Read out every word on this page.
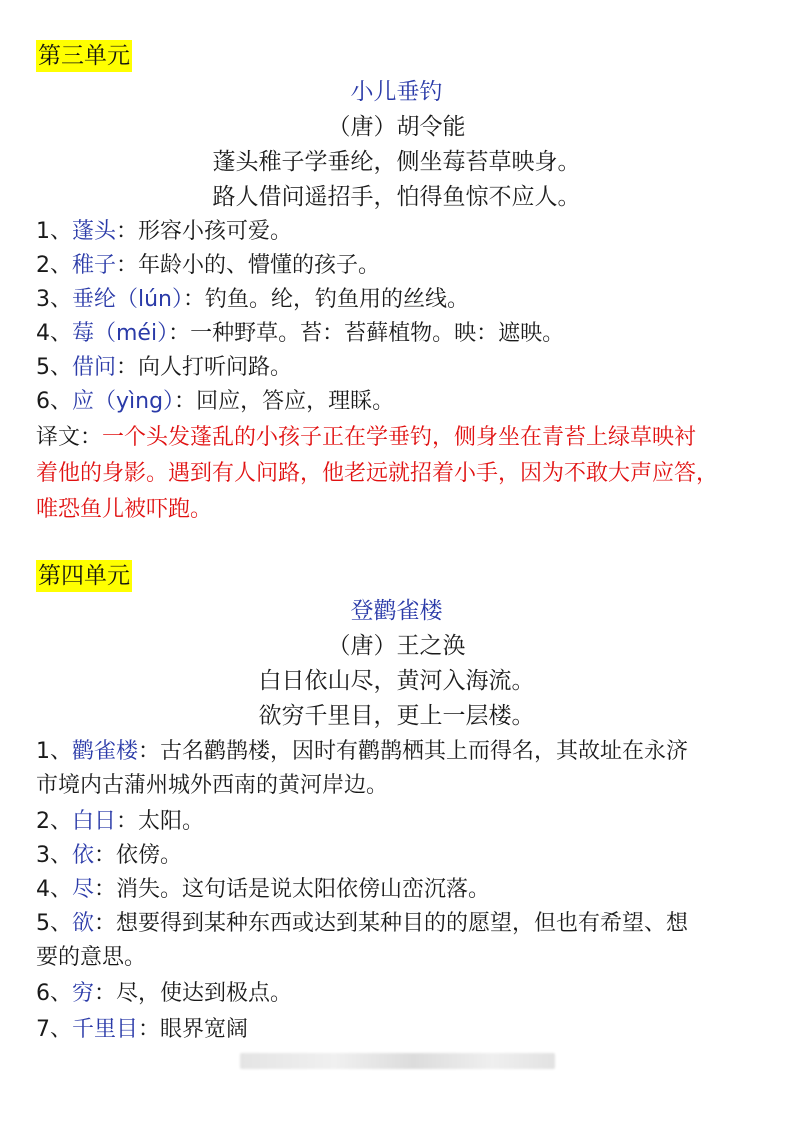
第三单元
小儿垂钓
（唐）胡令能
蓬头稚子学垂纶，侧坐莓苔草映身。
路人借问遥招手，怕得鱼惊不应人。
1、蓬头：形容小孩可爱。
2、稚子：年龄小的、懵懂的孩子。
3、垂纶（lún）：钓鱼。纶，钓鱼用的丝线。
4、莓（méi）：一种野草。苔：苔藓植物。映：遮映。
5、借问：向人打听问路。
6、应（yìng）：回应，答应，理睬。
译文：一个头发蓬乱的小孩子正在学垂钓，侧身坐在青苔上绿草映衬
着他的身影。遇到有人问路，他老远就招着小手，因为不敢大声应答，
唯恐鱼儿被吓跑。
第四单元
登鹳雀楼
（唐）王之涣
白日依山尽，黄河入海流。
欲穷千里目，更上一层楼。
1、鹳雀楼：古名鹳鹊楼，因时有鹳鹊栖其上而得名，其故址在永济
市境内古蒲州城外西南的黄河岸边。
2、白日：太阳。
3、依：依傍。
4、尽：消失。这句话是说太阳依傍山峦沉落。
5、欲：想要得到某种东西或达到某种目的的愿望，但也有希望、想
要的意思。
6、穷：尽，使达到极点。
7、千里目：眼界宽阔
